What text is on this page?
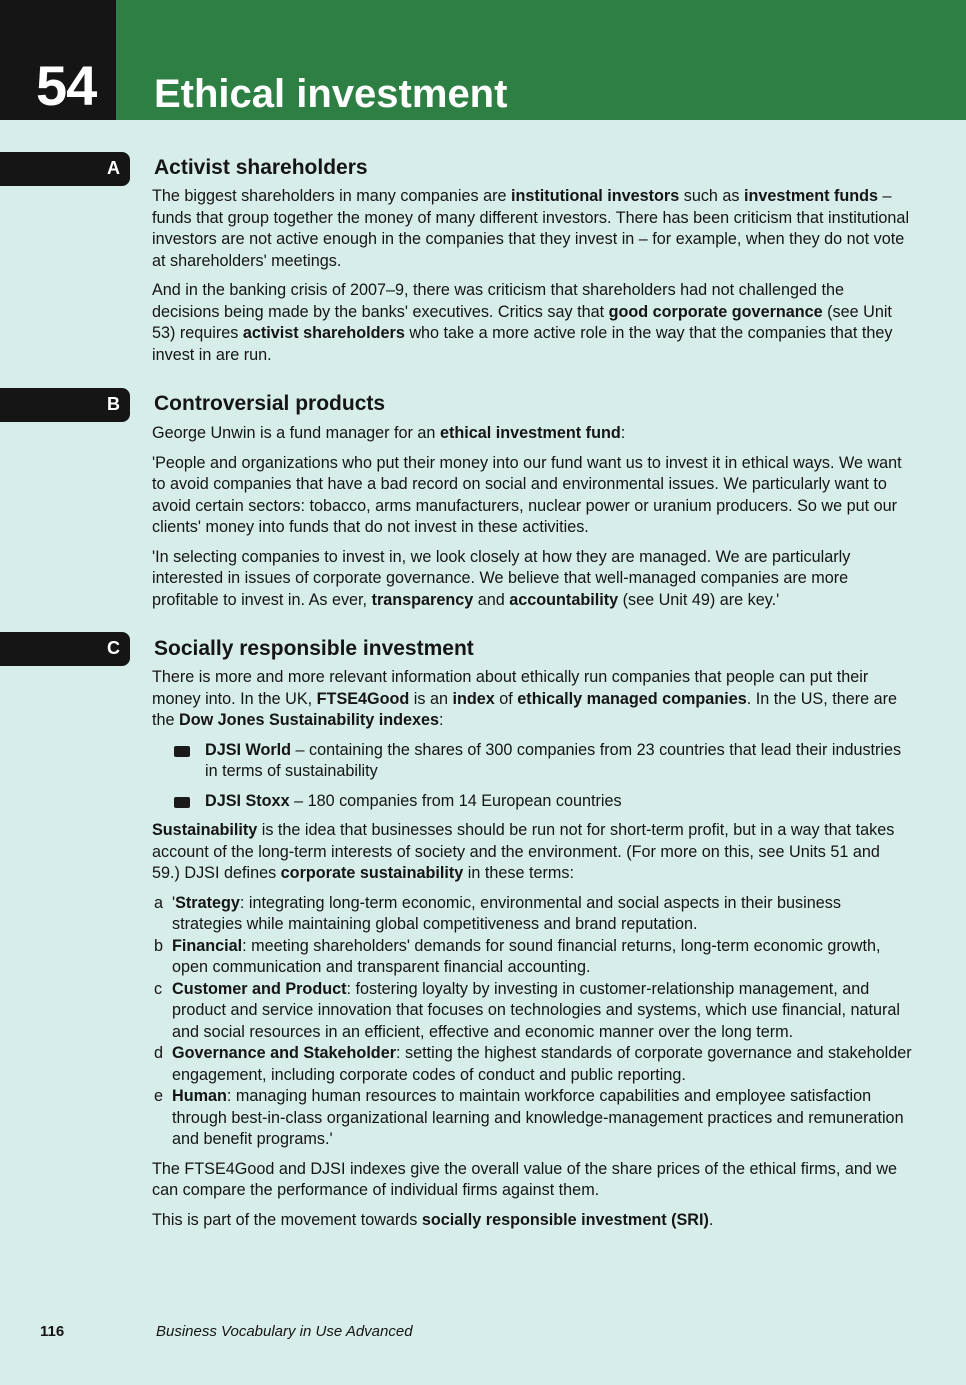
54 Ethical investment
A Activist shareholders

The biggest shareholders in many companies are institutional investors such as investment funds – funds that group together the money of many different investors. There has been criticism that institutional investors are not active enough in the companies that they invest in – for example, when they do not vote at shareholders' meetings.

And in the banking crisis of 2007–9, there was criticism that shareholders had not challenged the decisions being made by the banks' executives. Critics say that good corporate governance (see Unit 53) requires activist shareholders who take a more active role in the way that the companies that they invest in are run.

B Controversial products

George Unwin is a fund manager for an ethical investment fund:

'People and organizations who put their money into our fund want us to invest it in ethical ways. We want to avoid companies that have a bad record on social and environmental issues. We particularly want to avoid certain sectors: tobacco, arms manufacturers, nuclear power or uranium producers. So we put our clients' money into funds that do not invest in these activities.

'In selecting companies to invest in, we look closely at how they are managed. We are particularly interested in issues of corporate governance. We believe that well-managed companies are more profitable to invest in. As ever, transparency and accountability (see Unit 49) are key.'

C Socially responsible investment

There is more and more relevant information about ethically run companies that people can put their money into. In the UK, FTSE4Good is an index of ethically managed companies. In the US, there are the Dow Jones Sustainability indexes:

DJSI World – containing the shares of 300 companies from 23 countries that lead their industries in terms of sustainability
DJSI Stoxx – 180 companies from 14 European countries

Sustainability is the idea that businesses should be run not for short-term profit, but in a way that takes account of the long-term interests of society and the environment. (For more on this, see Units 51 and 59.) DJSI defines corporate sustainability in these terms:

a 'Strategy: integrating long-term economic, environmental and social aspects in their business strategies while maintaining global competitiveness and brand reputation.
b Financial: meeting shareholders' demands for sound financial returns, long-term economic growth, open communication and transparent financial accounting.
c Customer and Product: fostering loyalty by investing in customer-relationship management, and product and service innovation that focuses on technologies and systems, which use financial, natural and social resources in an efficient, effective and economic manner over the long term.
d Governance and Stakeholder: setting the highest standards of corporate governance and stakeholder engagement, including corporate codes of conduct and public reporting.
e Human: managing human resources to maintain workforce capabilities and employee satisfaction through best-in-class organizational learning and knowledge-management practices and remuneration and benefit programs.'

The FTSE4Good and DJSI indexes give the overall value of the share prices of the ethical firms, and we can compare the performance of individual firms against them.

This is part of the movement towards socially responsible investment (SRI).

116	Business Vocabulary in Use Advanced
